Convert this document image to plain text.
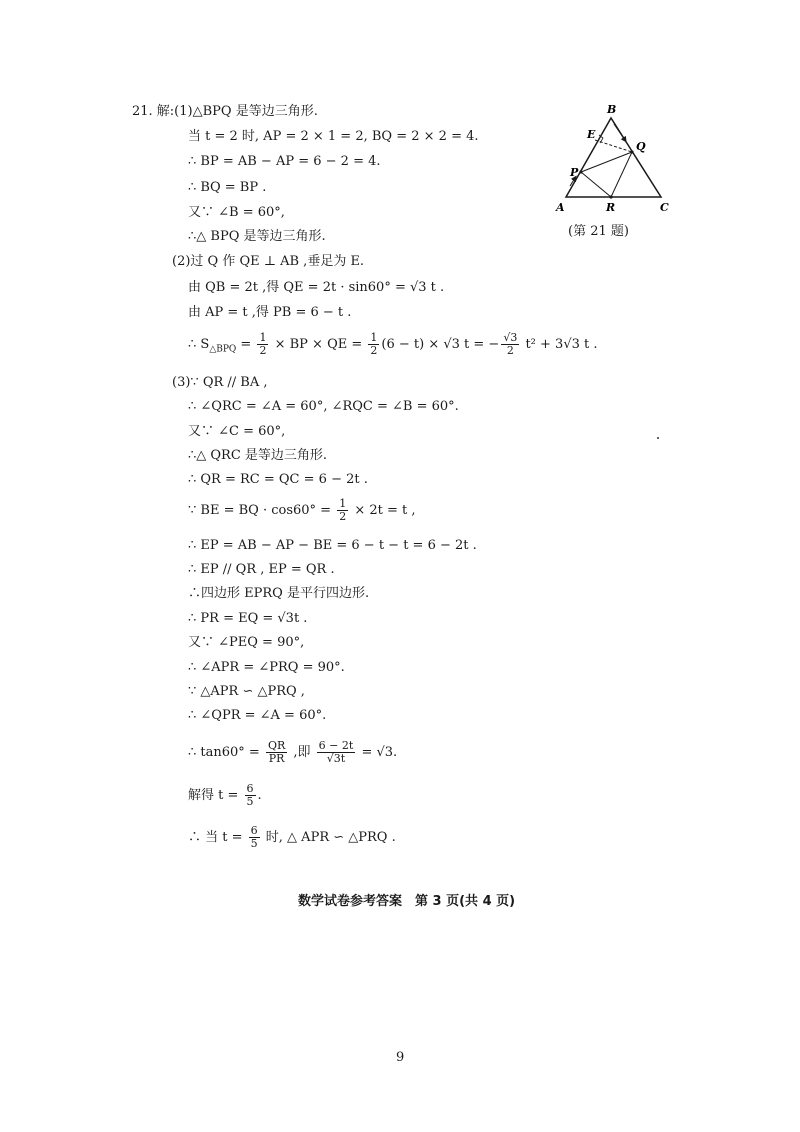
21. 解:(1)△BPQ 是等边三角形.
当 t = 2 时, AP = 2 × 1 = 2, BQ = 2 × 2 = 4.
∴ BP = AB − AP = 6 − 2 = 4.
∴ BQ = BP .
又∵ ∠B = 60°,
∴△ BPQ 是等边三角形.
(2)过 Q 作 QE ⊥ AB ,垂足为 E.
由 QB = 2t ,得 QE = 2t · sin60° = √3 t .
由 AP = t ,得 PB = 6 − t .
∴ $S_{\triangle BPQ} = \frac{1}{2}$ × BP × QE = $\frac{1}{2} (6 - t) \times √3$ t = − $\frac{√3}{2} t^2 + 3√3$ t .
(3)∵ QR // BA ,
∴ ∠QRC = ∠A = 60°, ∠RQC = ∠B = 60°.
又∵ ∠C = 60°,
∴△ QRC 是等边三角形.
∴ QR = RC = QC = 6 − 2t .
∵ BE = BQ · $\cos 60^\circ = \frac{1}{2} \times 2t = t$ ,
∴ EP = AB − AP − BE = 6 − t − t = 6 − 2t .
∴ EP // QR , EP = QR .
∴四边形 EPRQ 是平行四边形.
∴ PR = EQ = √3t .
又∵ ∠PEQ = 90°,
∴ ∠APR = ∠PRQ = 90°.
∵ △APR ∽ △PRQ ,
∴ ∠QPR = ∠A = 60°.
∴ $\tan 60^\circ = \frac{QR}{PR}$ ,即 $\frac{6 - 2t}{√3t} = √3$.
解得 $t = \frac{6}{5}$ .
∴ 当 $t = \frac{6}{5}$ 时, △ APR ∽ △PRQ .
B
E
Q
P
A	R	C
(第 21 题)
数学试卷参考答案　第 3 页(共 4 页)
9
